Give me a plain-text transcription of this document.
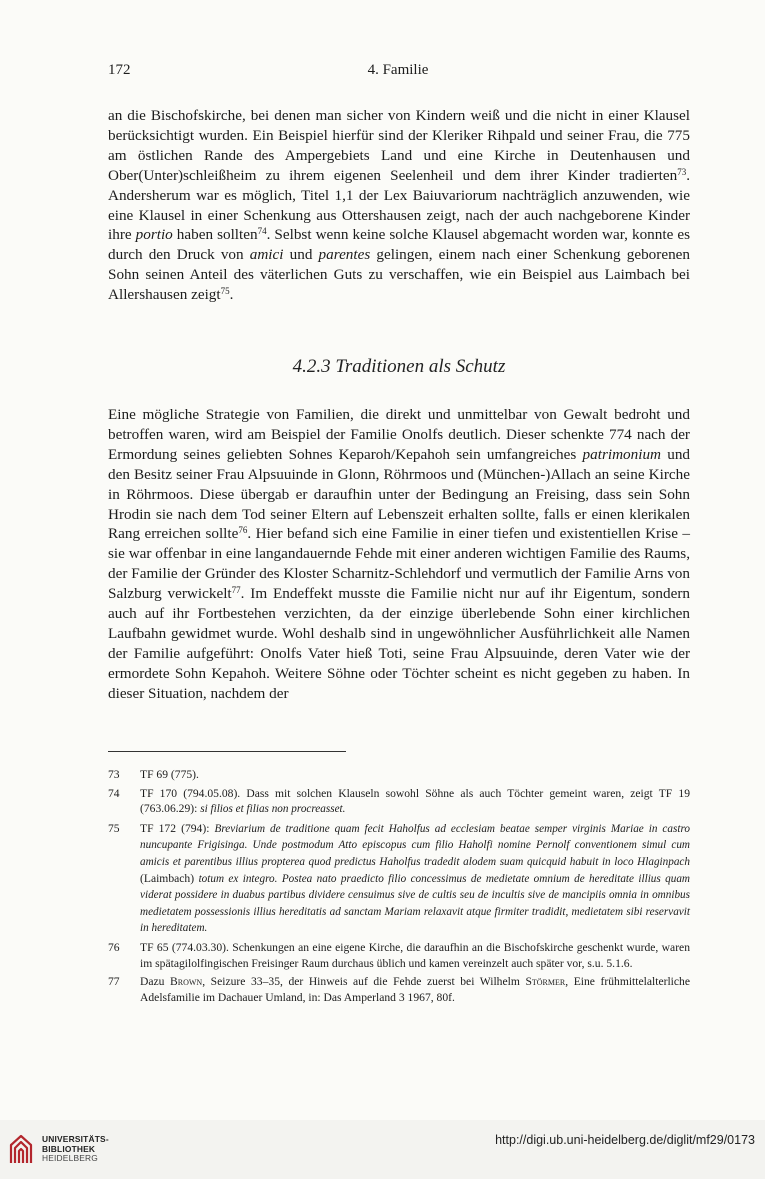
172	4. Familie

an die Bischofskirche, bei denen man sicher von Kindern weiß und die nicht in einer Klausel berücksichtigt wurden. Ein Beispiel hierfür sind der Kleriker Rihpald und seiner Frau, die 775 am östlichen Rande des Ampergebiets Land und eine Kirche in Deutenhausen und Ober(Unter)schleißheim zu ihrem eigenen Seelenheil und dem ihrer Kinder tradierten$^{73}$. Andersherum war es möglich, Titel 1,1 der Lex Baiuvariorum nachträglich anzuwenden, wie eine Klausel in einer Schenkung aus Ottershausen zeigt, nach der auch nachgeborene Kinder ihre portio haben sollten$^{74}$. Selbst wenn keine solche Klausel abgemacht worden war, konnte es durch den Druck von amici und parentes gelingen, einem nach einer Schenkung geborenen Sohn seinen Anteil des väterlichen Guts zu verschaffen, wie ein Beispiel aus Laimbach bei Allershausen zeigt$^{75}$.

4.2.3 Traditionen als Schutz

Eine mögliche Strategie von Familien, die direkt und unmittelbar von Gewalt bedroht und betroffen waren, wird am Beispiel der Familie Onolfs deutlich. Dieser schenkte 774 nach der Ermordung seines geliebten Sohnes Keparoh/Kepahoh sein umfangreiches patrimonium und den Besitz seiner Frau Alpsuuinde in Glonn, Röhrmoos und (München-)Allach an seine Kirche in Röhrmoos. Diese übergab er daraufhin unter der Bedingung an Freising, dass sein Sohn Hrodin sie nach dem Tod seiner Eltern auf Lebenszeit erhalten sollte, falls er einen klerikalen Rang erreichen sollte$^{76}$. Hier befand sich eine Familie in einer tiefen und existentiellen Krise – sie war offenbar in eine langandauernde Fehde mit einer anderen wichtigen Familie des Raums, der Familie der Gründer des Kloster Scharnitz-Schlehdorf und vermutlich der Familie Arns von Salzburg verwickelt$^{77}$. Im Endeffekt musste die Familie nicht nur auf ihr Eigentum, sondern auch auf ihr Fortbestehen verzichten, da der einzige überlebende Sohn einer kirchlichen Laufbahn gewidmet wurde. Wohl deshalb sind in ungewöhnlicher Ausführlichkeit alle Namen der Familie aufgeführt: Onolfs Vater hieß Toti, seine Frau Alpsuuinde, deren Vater wie der ermordete Sohn Kepahoh. Weitere Söhne oder Töchter scheint es nicht gegeben zu haben. In dieser Situation, nachdem der

73 TF 69 (775).
74 TF 170 (794.05.08). Dass mit solchen Klauseln sowohl Söhne als auch Töchter gemeint waren, zeigt TF 19 (763.06.29): si filios et filias non procreasset.
75 TF 172 (794): Breviarium de traditione quam fecit Haholfus ad ecclesiam beatae semper virginis Mariae in castro nuncupante Frigisinga. Unde postmodum Atto episcopus cum filio Haholfi nomine Pernolf conventionem simul cum amicis et parentibus illius propterea quod predictus Haholfus tradedit alodem suam quicquid habuit in loco Hlaginpach (Laimbach) totum ex integro. Postea nato praedicto filio concessimus de medietate omnium de hereditate illius quam viderat possidere in duabus partibus dividere censuimus sive de cultis seu de incultis sive de mancipiis omnia in omnibus medietatem possessionis illius hereditatis ad sanctam Mariam relaxavit atque firmiter tradidit, medietatem sibi reservavit in hereditatem.
76 TF 65 (774.03.30). Schenkungen an eine eigene Kirche, die daraufhin an die Bischofskirche geschenkt wurde, waren im spätagilolfingischen Freisinger Raum durchaus üblich und kamen vereinzelt auch später vor, s.u. 5.1.6.
77 Dazu Brown, Seizure 33–35, der Hinweis auf die Fehde zuerst bei Wilhelm Störmer, Eine frühmittelalterliche Adelsfamilie im Dachauer Umland, in: Das Amperland 3 1967, 80f.
UNIVERSITÄTS-
BIBLIOTHEK
HEIDELBERG
http://digi.ub.uni-heidelberg.de/diglit/mf29/0173
